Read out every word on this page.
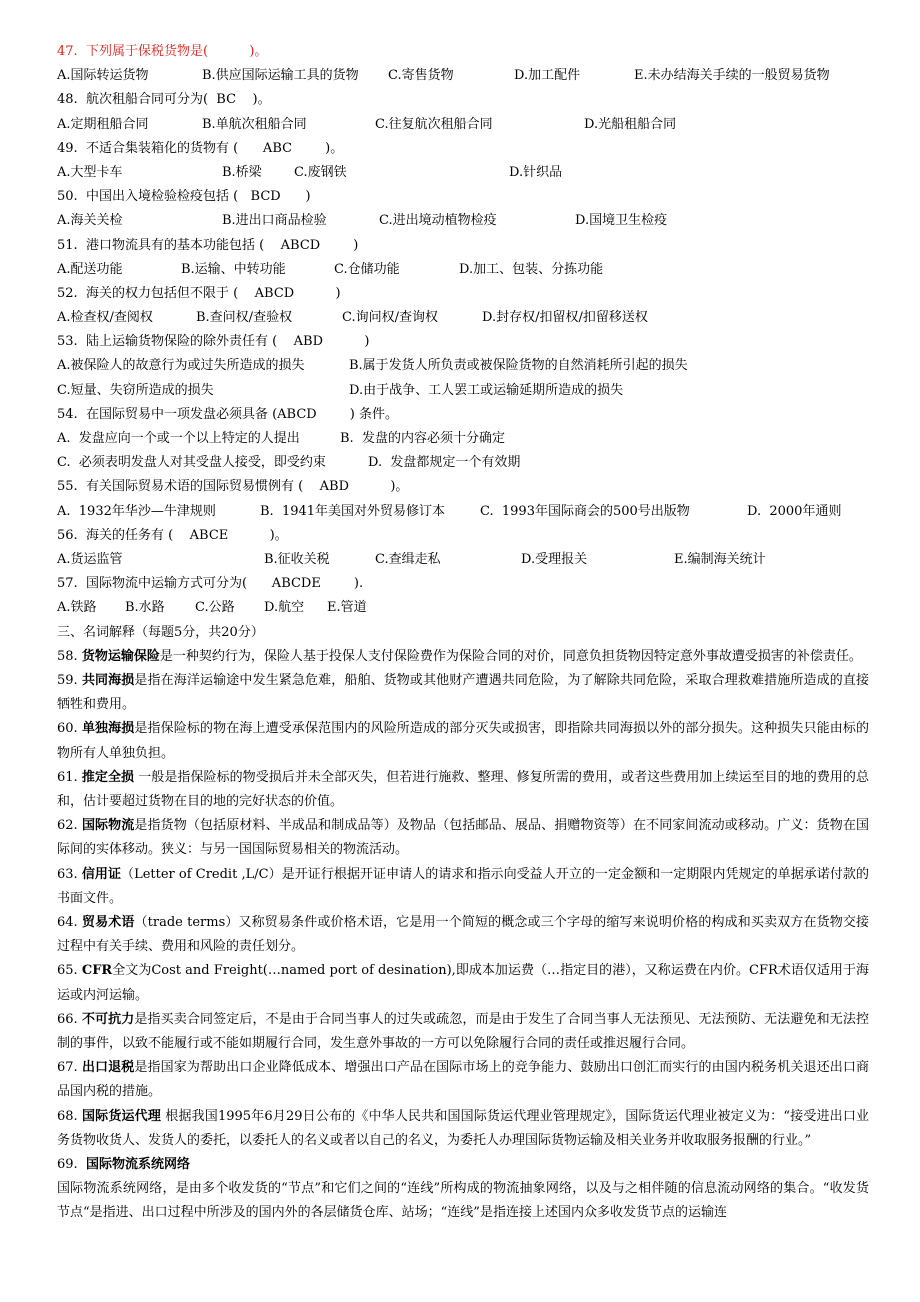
47.  下列属于保税货物是(          )。

A.国际转运货物

	B.供应国际运输工具的货物

C.寄售货物

	D.加工配件

	E.未办结海关手续的一般贸易货物

48.  航次租船合同可分为(  BC    )。

A.定期租船合同

	B.单航次租船合同

	C.往复航次租船合同

	D.光船租船合同

49.  不适合集装箱化的货物有 (      ABC        )。

A.大型卡车

	B.桥梁

C.废钢铁

	D.针织品

50.  中国出入境检验检疫包括 (   BCD      )

A.海关关检

	B.进出口商品检验

	C.进出境动植物检疫

	D.国境卫生检疫

51.  港口物流具有的基本功能包括 (    ABCD        )

A.配送功能

	B.运输、中转功能

	C.仓储功能

	D.加工、包装、分拣功能

52.  海关的权力包括但不限于 (    ABCD          )

A.检查权/查阅权

	B.查问权/查验权

	C.询问权/查询权

	D.封存权/扣留权/扣留移送权

53.  陆上运输货物保险的除外责任有 (    ABD          )

A.被保险人的故意行为或过失所造成的损失

	B.属于发货人所负责或被保险货物的自然消耗所引起的损失

C.短量、失窃所造成的损失

	D.由于战争、工人罢工或运输延期所造成的损失

54.  在国际贸易中一项发盘必须具备 (ABCD        ) 条件。

A.  发盘应向一个或一个以上特定的人提出

	B.  发盘的内容必须十分确定

C.  必须表明发盘人对其受盘人接受，即受约束

	D.  发盘都规定一个有效期

55.  有关国际贸易术语的国际贸易惯例有 (    ABD          )。

A.  1932年华沙—牛津规则

	B.  1941年美国对外贸易修订本

	C.  1993年国际商会的500号出版物

	D.  2000年通则

56.  海关的任务有 (    ABCE          )。

A.货运监管

	B.征收关税

	C.查缉走私

	D.受理报关

	E.编制海关统计

57.  国际物流中运输方式可分为(      ABCDE        ).

A.铁路

B.水路

C.公路

D.航空

E.管道

三、名词解释（每题5分，共20分）
58. 货物运输保险是一种契约行为，保险人基于投保人支付保险费作为保险合同的对价，同意负担货物因特定意外事故遭受损害的补偿责任。
59. 共同海损是指在海洋运输途中发生紧急危难，船舶、货物或其他财产遭遇共同危险，为了解除共同危险，采取合理救难措施所造成的直接牺牲和费用。
60. 单独海损是指保险标的物在海上遭受承保范围内的风险所造成的部分灭失或损害，即指除共同海损以外的部分损失。这种损失只能由标的物所有人单独负担。
61. 推定全损 一般是指保险标的物受损后并未全部灭失，但若进行施救、整理、修复所需的费用，或者这些费用加上续运至目的地的费用的总和，估计要超过货物在目的地的完好状态的价值。
62. 国际物流是指货物（包括原材料、半成品和制成品等）及物品（包括邮品、展品、捐赠物资等）在不同家间流动或移动。广义：货物在国际间的实体移动。狭义：与另一国国际贸易相关的物流活动。
63. 信用证（Letter of Credit ,L/C）是开证行根据开证申请人的请求和指示向受益人开立的一定金额和一定期限内凭规定的单据承诺付款的书面文件。
64. 贸易术语（trade terms）又称贸易条件或价格术语，它是用一个简短的概念或三个字母的缩写来说明价格的构成和买卖双方在货物交接过程中有关手续、费用和风险的责任划分。
65. CFR全文为Cost and Freight(…named port of desination),即成本加运费（…指定目的港），又称运费在内价。CFR术语仅适用于海运或内河运输。
66. 不可抗力是指买卖合同签定后，不是由于合同当事人的过失或疏忽，而是由于发生了合同当事人无法预见、无法预防、无法避免和无法控制的事件，以致不能履行或不能如期履行合同，发生意外事故的一方可以免除履行合同的责任或推迟履行合同。
67. 出口退税是指国家为帮助出口企业降低成本、增强出口产品在国际市场上的竞争能力、鼓励出口创汇而实行的由国内税务机关退还出口商品国内税的措施。
68. 国际货运代理 根据我国1995年6月29日公布的《中华人民共和国国际货运代理业管理规定》，国际货运代理业被定义为：“接受进出口业务货物收货人、发货人的委托，以委托人的名义或者以自己的名义，为委托人办理国际货物运输及相关业务并收取服务报酬的行业。”
69.  国际物流系统网络
国际物流系统网络，是由多个收发货的“节点”和它们之间的“连线”所构成的物流抽象网络，以及与之相伴随的信息流动网络的集合。“收发货节点“是指进、出口过程中所涉及的国内外的各层储货仓库、站场；“连线”是指连接上述国内众多收发货节点的运输连
